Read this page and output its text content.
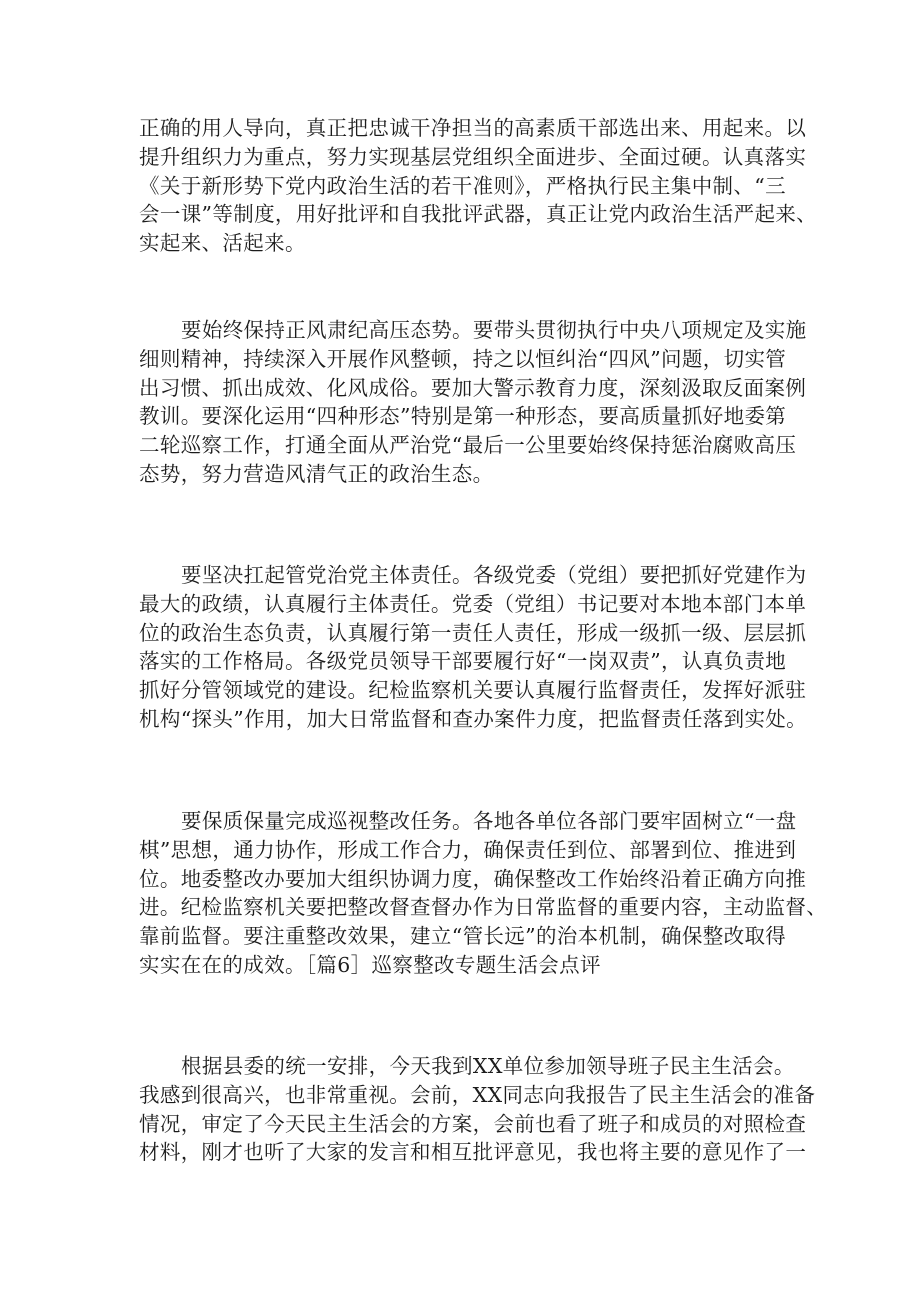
正确的用人导向，真正把忠诚干净担当的高素质干部选出来、用起来。以
提升组织力为重点，努力实现基层党组织全面进步、全面过硬。认真落实
《关于新形势下党内政治生活的若干准则》，严格执行民主集中制、“三
会一课”等制度，用好批评和自我批评武器，真正让党内政治生活严起来、
实起来、活起来。

要始终保持正风肃纪高压态势。要带头贯彻执行中央八项规定及实施
细则精神，持续深入开展作风整顿，持之以恒纠治“四风”问题，切实管
出习惯、抓出成效、化风成俗。要加大警示教育力度，深刻汲取反面案例
教训。要深化运用“四种形态”特别是第一种形态，要高质量抓好地委第
二轮巡察工作，打通全面从严治党“最后一公里要始终保持惩治腐败高压
态势，努力营造风清气正的政治生态。

要坚决扛起管党治党主体责任。各级党委（党组）要把抓好党建作为
最大的政绩，认真履行主体责任。党委（党组）书记要对本地本部门本单
位的政治生态负责，认真履行第一责任人责任，形成一级抓一级、层层抓
落实的工作格局。各级党员领导干部要履行好“一岗双责”，认真负责地
抓好分管领域党的建设。纪检监察机关要认真履行监督责任，发挥好派驻
机构“探头”作用，加大日常监督和查办案件力度，把监督责任落到实处。

要保质保量完成巡视整改任务。各地各单位各部门要牢固树立“一盘
棋”思想，通力协作，形成工作合力，确保责任到位、部署到位、推进到
位。地委整改办要加大组织协调力度，确保整改工作始终沿着正确方向推
进。纪检监察机关要把整改督查督办作为日常监督的重要内容，主动监督、
靠前监督。要注重整改效果，建立“管长远”的治本机制，确保整改取得
实实在在的成效。［篇6］巡察整改专题生活会点评

根据县委的统一安排，今天我到XX单位参加领导班子民主生活会。
我感到很高兴，也非常重视。会前，XX同志向我报告了民主生活会的准备
情况，审定了今天民主生活会的方案，会前也看了班子和成员的对照检查
材料，刚才也听了大家的发言和相互批评意见，我也将主要的意见作了一
